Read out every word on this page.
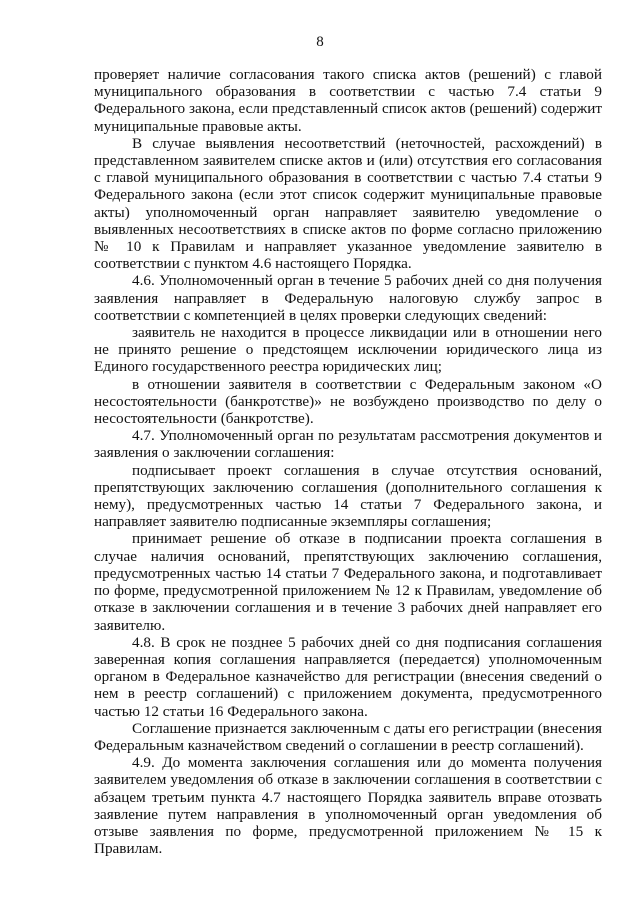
8

проверяет наличие согласования такого списка актов (решений) с главой муниципального образования в соответствии с частью 7.4 статьи 9 Федерального закона, если представленный список актов (решений) содержит муниципальные правовые акты.

В случае выявления несоответствий (неточностей, расхождений) в представленном заявителем списке актов и (или) отсутствия его согласования с главой муниципального образования в соответствии с частью 7.4 статьи 9 Федерального закона (если этот список содержит муниципальные правовые акты) уполномоченный орган направляет заявителю уведомление о выявленных несоответствиях в списке актов по форме согласно приложению № 10 к Правилам и направляет указанное уведомление заявителю в соответствии с пунктом 4.6 настоящего Порядка.

4.6. Уполномоченный орган в течение 5 рабочих дней со дня получения заявления направляет в Федеральную налоговую службу запрос в соответствии с компетенцией в целях проверки следующих сведений:

заявитель не находится в процессе ликвидации или в отношении него не принято решение о предстоящем исключении юридического лица из Единого государственного реестра юридических лиц;

в отношении заявителя в соответствии с Федеральным законом «О несостоятельности (банкротстве)» не возбуждено производство по делу о несостоятельности (банкротстве).

4.7. Уполномоченный орган по результатам рассмотрения документов и заявления о заключении соглашения:

подписывает проект соглашения в случае отсутствия оснований, препятствующих заключению соглашения (дополнительного соглашения к нему), предусмотренных частью 14 статьи 7 Федерального закона, и направляет заявителю подписанные экземпляры соглашения;

принимает решение об отказе в подписании проекта соглашения в случае наличия оснований, препятствующих заключению соглашения, предусмотренных частью 14 статьи 7 Федерального закона, и подготавливает по форме, предусмотренной приложением № 12 к Правилам, уведомление об отказе в заключении соглашения и в течение 3 рабочих дней направляет его заявителю.

4.8. В срок не позднее 5 рабочих дней со дня подписания соглашения заверенная копия соглашения направляется (передается) уполномоченным органом в Федеральное казначейство для регистрации (внесения сведений о нем в реестр соглашений) с приложением документа, предусмотренного частью 12 статьи 16 Федерального закона.

Соглашение признается заключенным с даты его регистрации (внесения Федеральным казначейством сведений о соглашении в реестр соглашений).

4.9. До момента заключения соглашения или до момента получения заявителем уведомления об отказе в заключении соглашения в соответствии с абзацем третьим пункта 4.7 настоящего Порядка заявитель вправе отозвать заявление путем направления в уполномоченный орган уведомления об отзыве заявления по форме, предусмотренной приложением № 15 к Правилам.
